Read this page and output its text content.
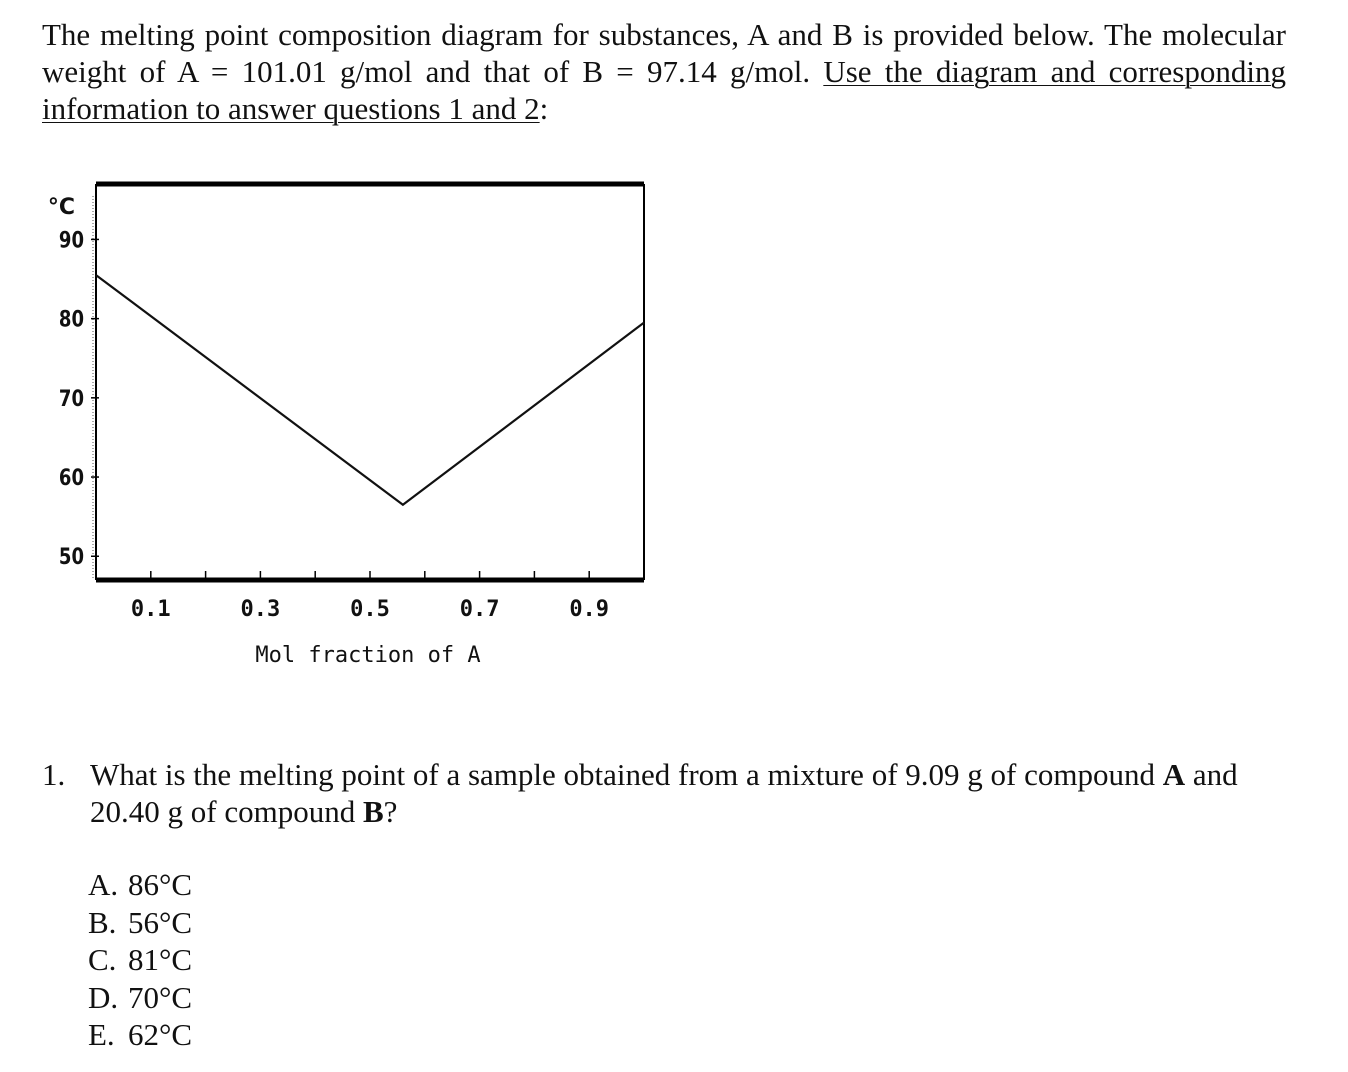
The melting point composition diagram for substances, A and B is provided below. The molecular weight of A = 101.01 g/mol and that of B = 97.14 g/mol. Use the diagram and corresponding information to answer questions 1 and 2:

90
80
70
60
50
°C
0.1	0.3	0.5	0.7	0.9
Mol fraction of A
1. What is the melting point of a sample obtained from a mixture of 9.09 g of compound A and 20.40 g of compound B?
A. 86°C
B. 56°C
C. 81°C
D. 70°C
E. 62°C
